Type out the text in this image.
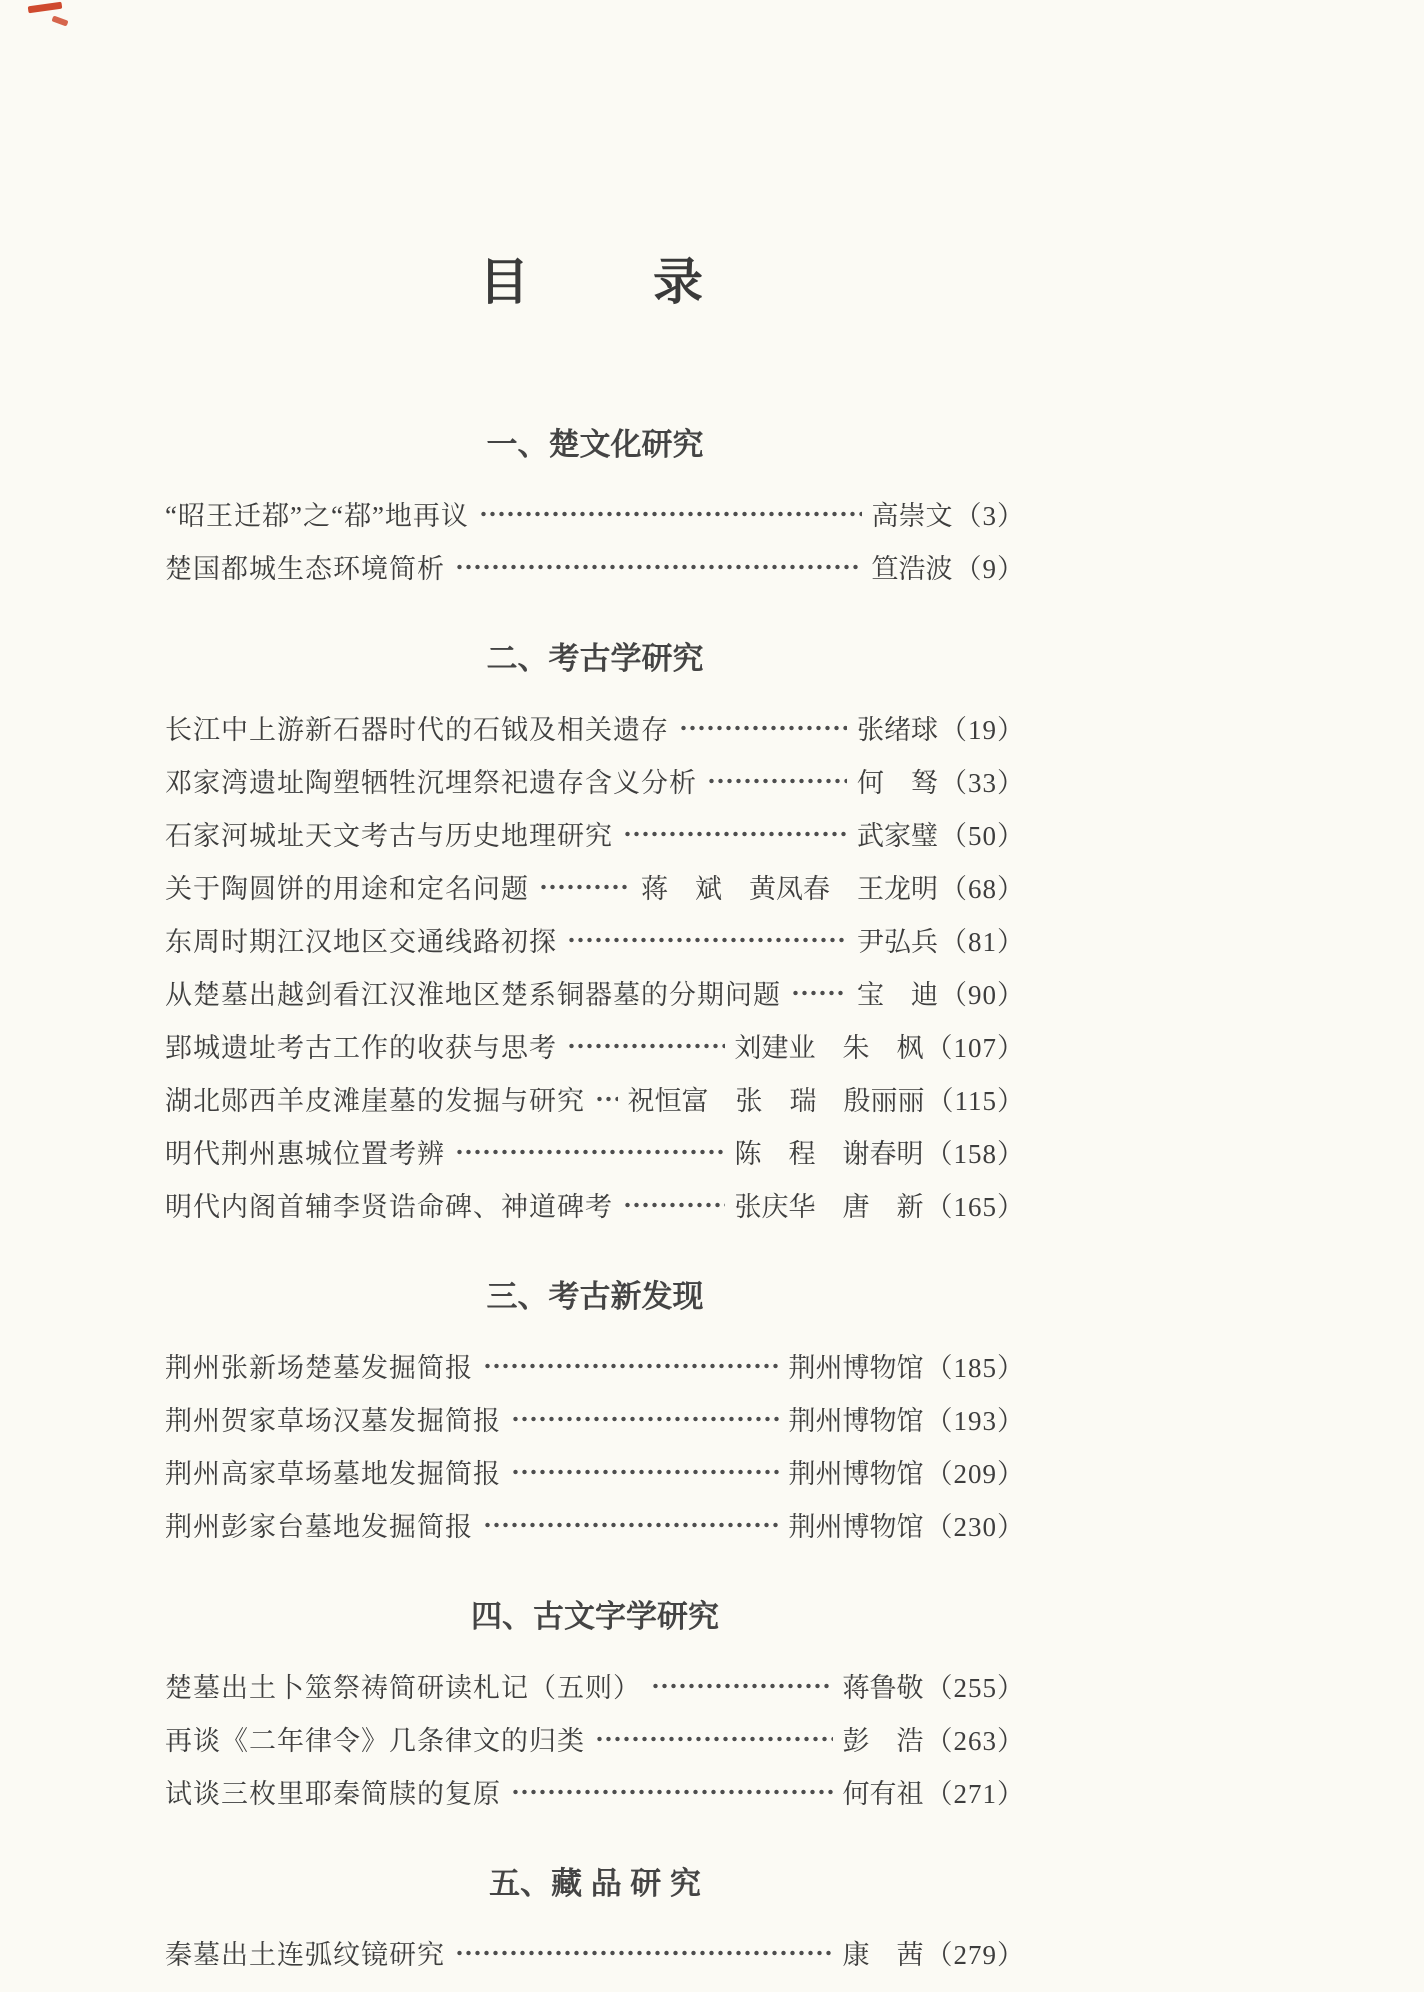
目　　录
一、楚文化研究
“昭王迁鄀”之“鄀”地再议	高崇文 （3）
楚国都城生态环境简析	笪浩波 （9）
二、考古学研究
长江中上游新石器时代的石钺及相关遗存	张绪球 （19）
邓家湾遗址陶塑牺牲沉埋祭祀遗存含义分析	何　驽 （33）
石家河城址天文考古与历史地理研究	武家璧 （50）
关于陶圆饼的用途和定名问题	蒋　斌　黄凤春　王龙明 （68）
东周时期江汉地区交通线路初探	尹弘兵 （81）
从楚墓出越剑看江汉淮地区楚系铜器墓的分期问题	宝　迪 （90）
郢城遗址考古工作的收获与思考	刘建业　朱　枫 （107）
湖北郧西羊皮滩崖墓的发掘与研究 祝恒富　张　瑞　殷丽丽 （115）
明代荆州惠城位置考辨	陈　程　谢春明 （158）
明代内阁首辅李贤诰命碑、神道碑考	张庆华　唐　新 （165）
三、考古新发现
荆州张新场楚墓发掘简报	荆州博物馆 （185）
荆州贺家草场汉墓发掘简报	荆州博物馆 （193）
荆州高家草场墓地发掘简报	荆州博物馆 （209）
荆州彭家台墓地发掘简报	荆州博物馆 （230）
四、古文字学研究
楚墓出土卜筮祭祷简研读札记（五则）	蒋鲁敬 （255）
再谈《二年律令》几条律文的归类	彭　浩 （263）
试谈三枚里耶秦简牍的复原	何有祖 （271）
五、藏 品 研 究
秦墓出土连弧纹镜研究	康　茜 （279）
